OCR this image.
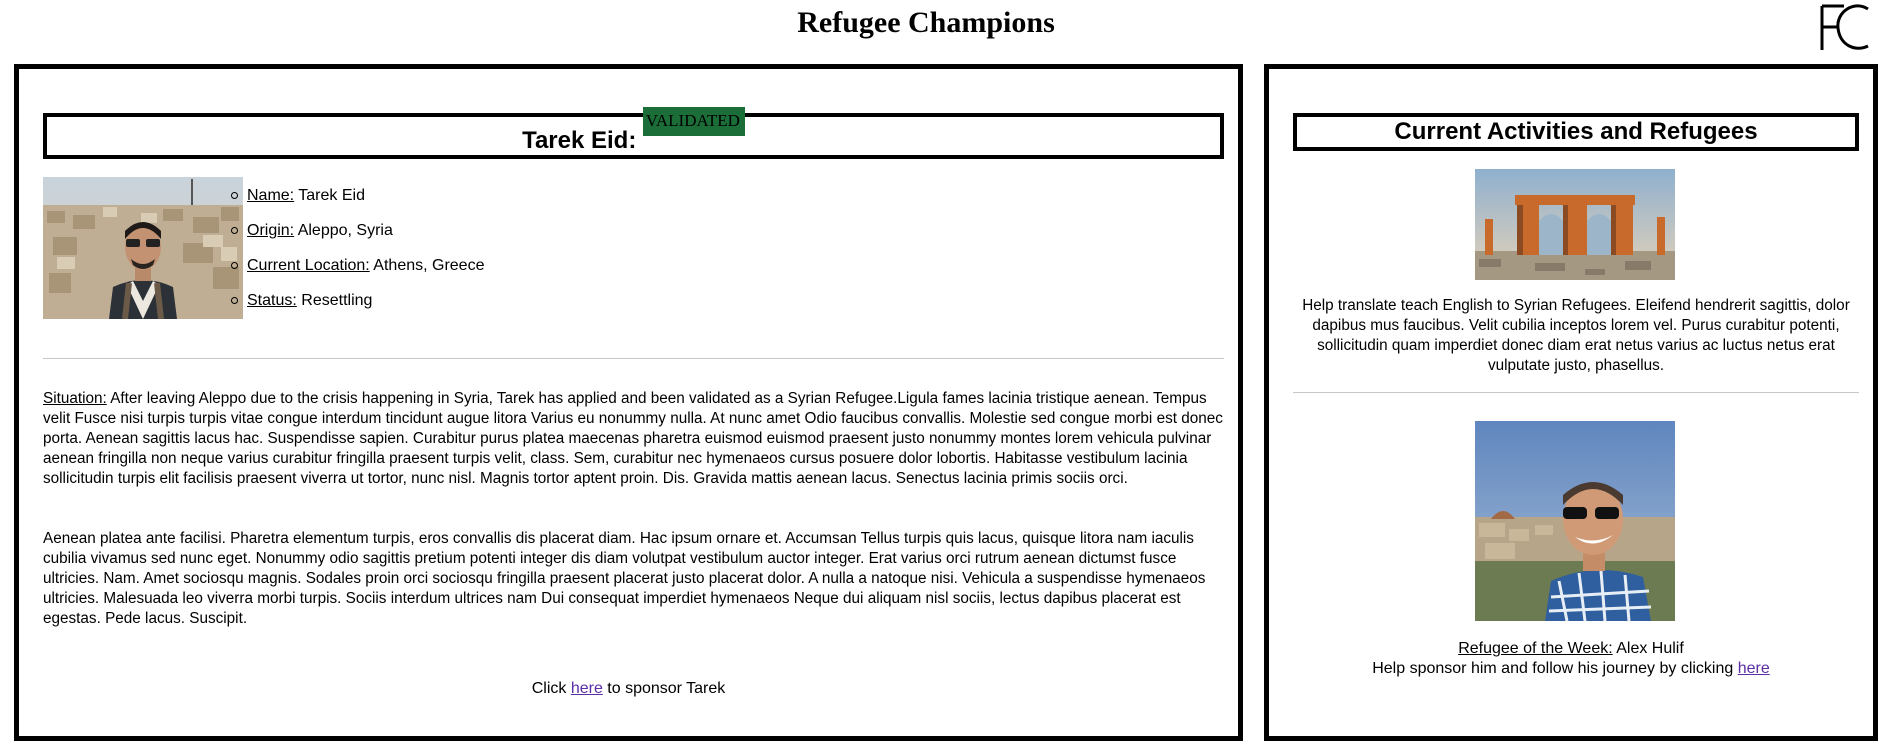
Refugee Champions
Tarek Eid: VALIDATED
Name: Tarek Eid
Origin: Aleppo, Syria
Current Location: Athens, Greece
Status: Resettling

Situation: After leaving Aleppo due to the crisis happening in Syria, Tarek has applied and been validated as a Syrian Refugee.Ligula fames lacinia tristique aenean. Tempus velit Fusce nisi turpis turpis vitae congue interdum tincidunt augue litora Varius eu nonummy nulla. At nunc amet Odio faucibus convallis. Molestie sed congue morbi est donec porta. Aenean sagittis lacus hac. Suspendisse sapien. Curabitur purus platea maecenas pharetra euismod euismod praesent justo nonummy montes lorem vehicula pulvinar aenean fringilla non neque varius curabitur fringilla praesent turpis velit, class. Sem, curabitur nec hymenaeos cursus posuere dolor lobortis. Habitasse vestibulum lacinia sollicitudin turpis elit facilisis praesent viverra ut tortor, nunc nisl. Magnis tortor aptent proin. Dis. Gravida mattis aenean lacus. Senectus lacinia primis sociis orci.

Aenean platea ante facilisi. Pharetra elementum turpis, eros convallis dis placerat diam. Hac ipsum ornare et. Accumsan Tellus turpis quis lacus, quisque litora nam iaculis cubilia vivamus sed nunc eget. Nonummy odio sagittis pretium potenti integer dis diam volutpat vestibulum auctor integer. Erat varius orci rutrum aenean dictumst fusce ultricies. Nam. Amet sociosqu magnis. Sodales proin orci sociosqu fringilla praesent placerat justo placerat dolor. A nulla a natoque nisi. Vehicula a suspendisse hymenaeos ultricies. Malesuada leo viverra morbi turpis. Sociis interdum ultrices nam Dui consequat imperdiet hymenaeos Neque dui aliquam nisl sociis, lectus dapibus placerat est egestas. Pede lacus. Suscipit.

Click here to sponsor Tarek
Current Activities and Refugees

Help translate teach English to Syrian Refugees. Eleifend hendrerit sagittis, dolor dapibus mus faucibus. Velit cubilia inceptos lorem vel. Purus curabitur potenti, sollicitudin quam imperdiet donec diam erat netus varius ac luctus netus erat vulputate justo, phasellus.

Refugee of the Week: Alex Hulif
Help sponsor him and follow his journey by clicking here
